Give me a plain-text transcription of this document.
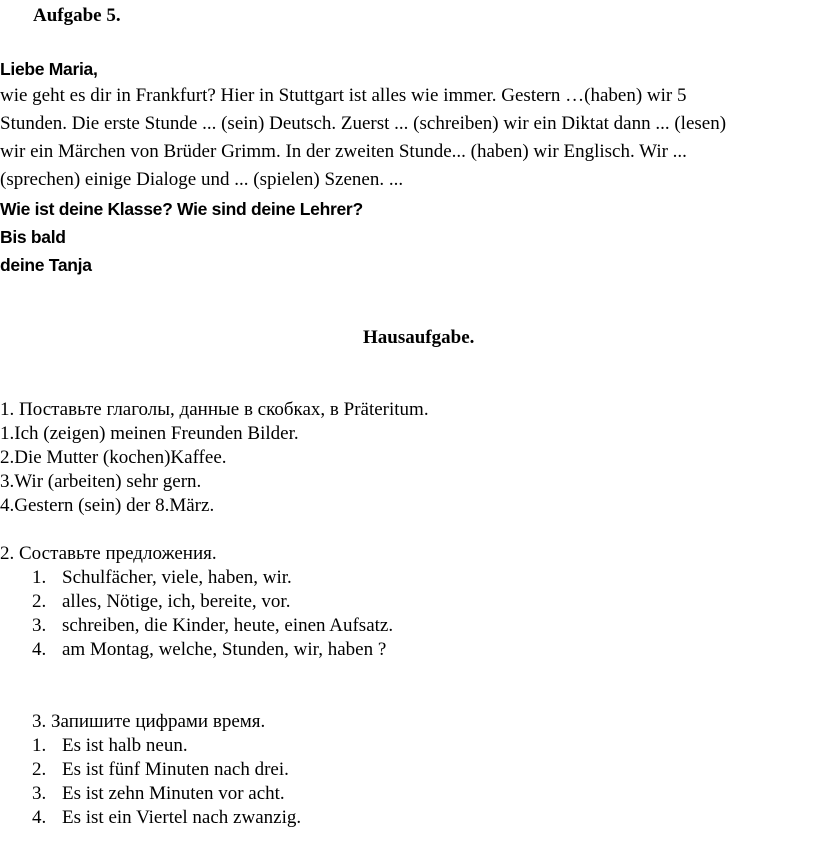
Aufgabe 5.
Liebe Maria,
wie geht es dir in Frankfurt? Hier in Stuttgart ist alles wie immer. Gestern …(haben) wir 5
Stunden. Die erste Stunde ... (sein) Deutsch. Zuerst ... (schreiben) wir ein Diktat dann ... (lesen)
wir ein Märchen von Brüder Grimm. In der zweiten Stunde... (haben) wir Englisch. Wir ...
(sprechen) einige Dialoge und ... (spielen) Szenen. ...
Wie ist deine Klasse? Wie sind deine Lehrer?
Bis bald
deine Tanja
Hausaufgabe.
1. Поставьте глаголы, данные в скобках, в Präteritum.
1.Ich (zeigen) meinen Freunden Bilder.
2.Die Mutter (kochen)Kaffee.
3.Wir (arbeiten) sehr gern.
4.Gestern (sein) der 8.März.
2. Составьте предложения.
1. Schulfächer, viele, haben, wir.
2. alles, Nötige, ich, bereite, vor.
3. schreiben, die Kinder, heute, einen Aufsatz.
4. am Montag, welche, Stunden, wir, haben ?
3. Запишите цифрами время.
1. Es ist halb neun.
2. Es ist fünf Minuten nach drei.
3. Es ist zehn Minuten vor acht.
4. Es ist ein Viertel nach zwanzig.
